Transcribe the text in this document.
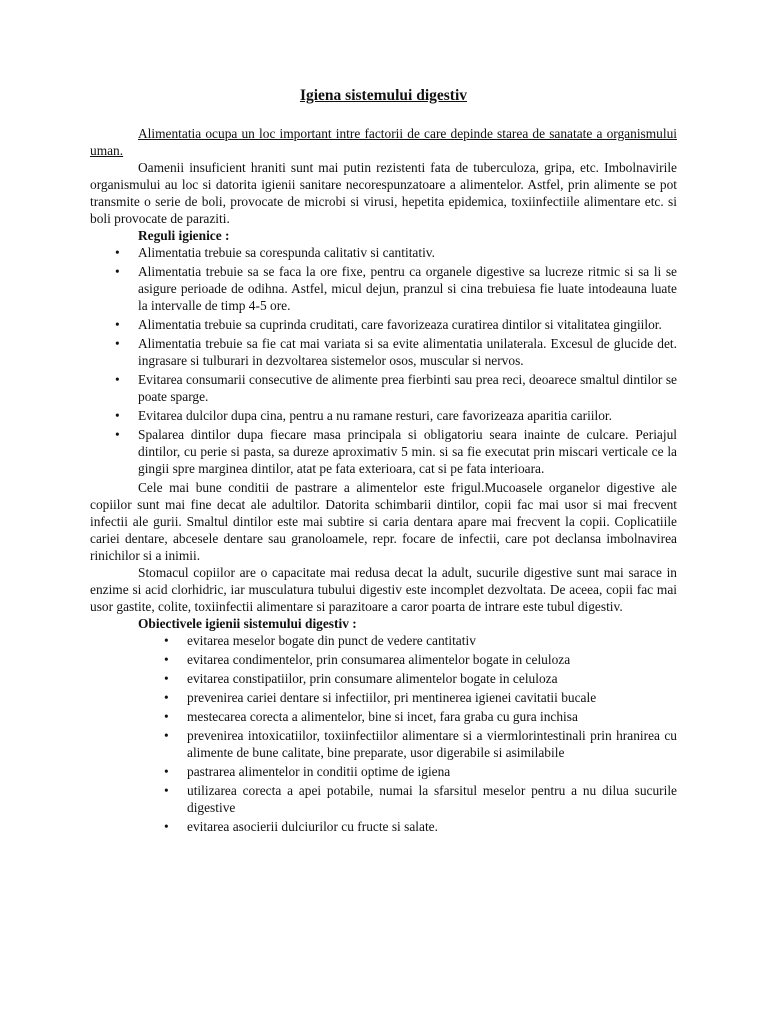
Igiena sistemului digestiv

Alimentatia ocupa un loc important intre factorii de care depinde starea de sanatate a organismului uman.

Oamenii insuficient hraniti sunt mai putin rezistenti fata de tuberculoza, gripa, etc. Imbolnavirile organismului au loc si datorita igienii sanitare necorespunzatoare a alimentelor. Astfel, prin alimente se pot transmite o serie de boli, provocate de microbi si virusi, hepetita epidemica, toxiinfectiile alimentare etc. si boli provocate de paraziti.

Reguli igienice :
• Alimentatia trebuie sa corespunda calitativ si cantitativ.
• Alimentatia trebuie sa se faca la ore fixe, pentru ca organele digestive sa lucreze ritmic si sa li se asigure perioade de odihna. Astfel, micul dejun, pranzul si cina trebuiesa fie luate intodeauna luate la intervalle de timp 4-5 ore.
• Alimentatia trebuie sa cuprinda cruditati, care favorizeaza curatirea dintilor si vitalitatea gingiilor.
• Alimentatia trebuie sa fie cat mai variata si sa evite alimentatia unilaterala. Excesul de glucide det. ingrasare si tulburari in dezvoltarea sistemelor osos, muscular si nervos.
• Evitarea consumarii consecutive de alimente prea fierbinti sau prea reci, deoarece smaltul dintilor se poate sparge.
• Evitarea dulcilor dupa cina, pentru a nu ramane resturi, care favorizeaza aparitia cariilor.
• Spalarea dintilor dupa fiecare masa principala si obligatoriu seara inainte de culcare. Periajul dintilor, cu perie si pasta, sa dureze aproximativ 5 min. si sa fie executat prin miscari verticale ce la gingii spre marginea dintilor, atat pe fata exterioara, cat si pe fata interioara.

Cele mai bune conditii de pastrare a alimentelor este frigul.Mucoasele organelor digestive ale copiilor sunt mai fine decat ale adultilor. Datorita schimbarii dintilor, copii fac mai usor si mai frecvent infectii ale gurii. Smaltul dintilor este mai subtire si caria dentara apare mai frecvent la copii. Coplicatiile cariei dentare, abcesele dentare sau granoloamele, repr. focare de infectii, care pot declansa imbolnavirea rinichilor si a inimii.

Stomacul copiilor are o capacitate mai redusa decat la adult, sucurile digestive sunt mai sarace in enzime si acid clorhidric, iar musculatura tubului digestiv este incomplet dezvoltata. De aceea, copii fac mai usor gastite, colite, toxiinfectii alimentare si parazitoare a caror poarta de intrare este tubul digestiv.

Obiectivele igienii sistemului digestiv :
• evitarea meselor bogate din punct de vedere cantitativ
• evitarea condimentelor, prin consumarea alimentelor bogate in celuloza
• evitarea constipatiilor, prin consumare alimentelor bogate in celuloza
• prevenirea cariei dentare si infectiilor, pri mentinerea igienei cavitatii bucale
• mestecarea corecta a alimentelor, bine si incet, fara graba cu gura inchisa
• prevenirea intoxicatiilor, toxiinfectiilor alimentare si a viermlorintestinali prin hranirea cu alimente de bune calitate, bine preparate, usor digerabile si asimilabile
• pastrarea alimentelor in conditii optime de igiena
• utilizarea corecta a apei potabile, numai la sfarsitul meselor pentru a nu dilua sucurile digestive
• evitarea asocierii dulciurilor cu fructe si salate.
